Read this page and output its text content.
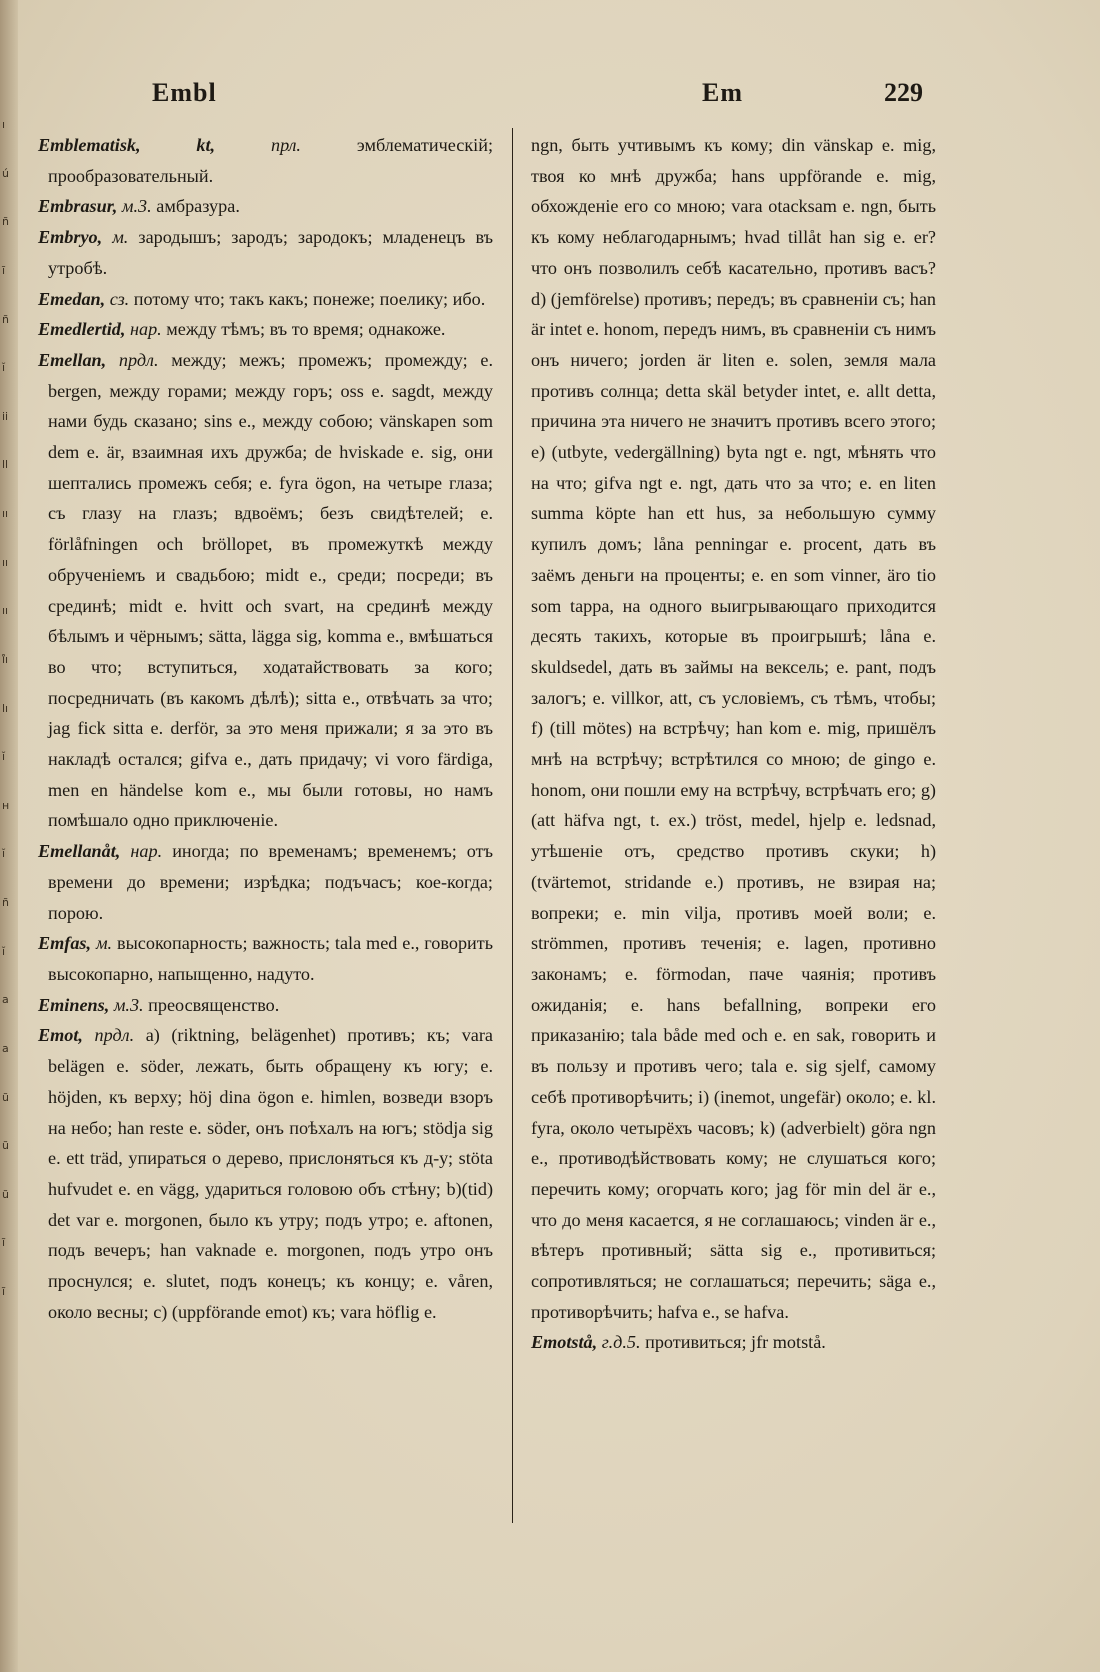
ı
ú
ñ
ī
ñ
ĭ
ii
ll
ıı
ıı
ıı
ı̊ı
lı
ĭ
н
ĭ
ñ
ĭ
a
a
ũ
ũ
ũ
ĩ
ĩ
Embl	Em	229

Emblematisk, kt,	прл.	эмблематическій; прообразовательный.

Embrasur, м.3. амбразура.

Embryo, м. зародышъ; зародъ; зародокъ; младенецъ въ утробѣ.

Emedan, сз. потому что; такъ какъ; понеже; поелику; ибо.

Emedlertid, нар. между тѣмъ; въ то время; однакоже.

Emellan, прдл. между; межъ; промежъ; промежду; e. bergen, между горами; между горъ; oss e. sagdt, между нами будь сказано; sins e., между собою; vänskapen som dem e. är, взаимная ихъ дружба; de hviskade e. sig, они шептались промежъ себя; e. fyra ögon, на четыре глаза; съ глазу на глазъ; вдвоёмъ; безъ свидѣтелей; e. förlåfningen och bröllopet, въ промежуткѣ между обрученіемъ и свадьбою; midt e., среди; посреди; въ срединѣ; midt e. hvitt och svart, на срединѣ между бѣлымъ и чёрнымъ; sätta, lägga sig, komma e., вмѣшаться во что; вступиться, ходатайствовать за кого; посредничать (въ какомъ дѣлѣ); sitta e., отвѣчать за что; jag fick sitta e. derför, за это меня прижали; я за это въ накладѣ остался; gifva e., дать придачу; vi voro färdiga, men en händelse kom e., мы были готовы, но намъ помѣшало одно приключеніе.

Emellanåt, нар. иногда; по временамъ; временемъ; отъ времени до времени; изрѣдка; подъчасъ; коe-когда; порою.

Emfas, м. высокопарность; важность; tala med e., говорить высокопарно, напыщенно, надуто.

Eminens, м.3. преосвященство.

Emot, прдл. a) (riktning, belägenhet) противъ; къ; vara belägen e. söder, лежать, быть обращену къ югу; e. höjden, къ верху; höj dina ögon e. himlen, возведи взоръ на небо; han reste e. söder, онъ поѣхалъ на югъ; stödja sig e. ett träd, упираться о дерево, прислоняться къ д-у; stöta hufvudet e. en vägg, удариться головою объ стѣну; b)(tid) det var e. morgonen, было къ утру; подъ утро; e. aftonen, подъ вечеръ; han vaknade e. morgonen, подъ утро онъ проснулся; e. slutet, подъ конецъ; къ концу; e. våren, около весны; c) (uppförande emot) къ; vara höflig e.

ngn, быть учтивымъ къ кому; din vänskap e. mig, твоя ко мнѣ дружба; hans uppförande e. mig, обхожденіе его со мною; vara otacksam e. ngn, быть къ кому неблагодарнымъ; hvad tillåt han sig e. er? что онъ позволилъ себѣ касательно, противъ васъ? d) (jemförelse) противъ; передъ; въ сравненіи съ; han är intet e. honom, передъ нимъ, въ сравненіи съ нимъ онъ ничего; jorden är liten e. solen, земля мала противъ солнца; detta skäl betyder intet, e. allt detta, причина эта ничего не значитъ противъ всего этого; e) (utbyte, vedergällning) byta ngt e. ngt, мѣнять что на что; gifva ngt e. ngt, дать что за что; e. en liten summa köpte han ett hus, за небольшую сумму купилъ домъ; låna penningar e. procent, дать въ заёмъ деньги на проценты; e. en som vinner, äro tio som tappa, на одного выигрывающаго приходится десять такихъ, которые въ проигрышѣ; låna e. skuldsedel, дать въ займы на вексель; e. pant, подъ залогъ; e. villkor, att, съ условіемъ, съ тѣмъ, чтобы; f) (till mötes) на встрѣчу; han kom e. mig, пришёлъ мнѣ на встрѣчу; встрѣтился со мною; de gingo e. honom, они пошли ему на встрѣчу, встрѣчать его; g) (att häfva ngt, t. ex.) tröst, medel, hjelp e. ledsnad, утѣшеніе отъ, средство противъ скуки; h) (tvärtemot, stridande e.) противъ, не взирая на; вопреки; e. min vilja, противъ моей воли; e. strömmen, противъ теченія; e. lagen, противно законамъ; e. förmodan, паче чаянія; противъ ожиданія; e. hans befallning, вопреки его приказанію; tala både med och e. en sak, говорить и въ пользу и противъ чего; tala e. sig sjelf, самому себѣ противорѣчить; i) (inemot, ungefär) около; e. kl. fyra, около четырёхъ часовъ; k) (adverbielt) göra ngn e., противодѣйствовать кому; не слушаться кого; перечить кому; огорчать кого; jag för min del är e., что до меня касается, я не соглашаюсь; vinden är e., вѣтеръ противный; sätta sig e., противиться; сопротивляться; не соглашаться; перечить; säga e., противорѣчить; hafva e., se hafva.

Emotstå, г.д.5. противиться; jfr motstå.
